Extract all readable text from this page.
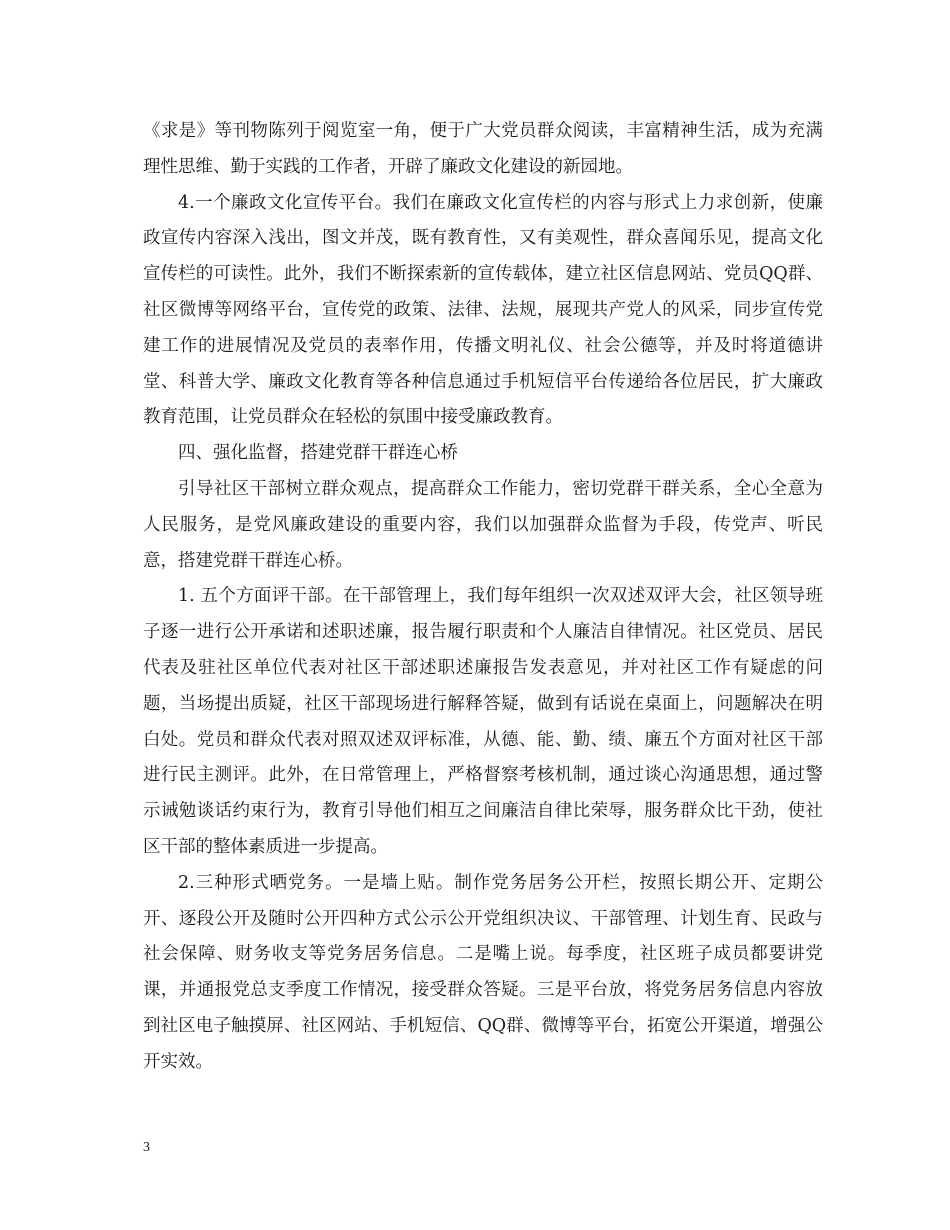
《求是》等刊物陈列于阅览室一角，便于广大党员群众阅读，丰富精神生活，成为充满理性思维、勤于实践的工作者，开辟了廉政文化建设的新园地。

4.一个廉政文化宣传平台。我们在廉政文化宣传栏的内容与形式上力求创新，使廉政宣传内容深入浅出，图文并茂，既有教育性，又有美观性，群众喜闻乐见，提高文化宣传栏的可读性。此外，我们不断探索新的宣传载体，建立社区信息网站、党员QQ群、社区微博等网络平台，宣传党的政策、法律、法规，展现共产党人的风采，同步宣传党建工作的进展情况及党员的表率作用，传播文明礼仪、社会公德等，并及时将道德讲堂、科普大学、廉政文化教育等各种信息通过手机短信平台传递给各位居民，扩大廉政教育范围，让党员群众在轻松的氛围中接受廉政教育。

四、强化监督，搭建党群干群连心桥

引导社区干部树立群众观点，提高群众工作能力，密切党群干群关系，全心全意为人民服务，是党风廉政建设的重要内容，我们以加强群众监督为手段，传党声、听民意，搭建党群干群连心桥。

1. 五个方面评干部。在干部管理上，我们每年组织一次双述双评大会，社区领导班子逐一进行公开承诺和述职述廉，报告履行职责和个人廉洁自律情况。社区党员、居民代表及驻社区单位代表对社区干部述职述廉报告发表意见，并对社区工作有疑虑的问题，当场提出质疑，社区干部现场进行解释答疑，做到有话说在桌面上，问题解决在明白处。党员和群众代表对照双述双评标准，从德、能、勤、绩、廉五个方面对社区干部进行民主测评。此外，在日常管理上，严格督察考核机制，通过谈心沟通思想，通过警示诫勉谈话约束行为，教育引导他们相互之间廉洁自律比荣辱，服务群众比干劲，使社区干部的整体素质进一步提高。

2.三种形式晒党务。一是墙上贴。制作党务居务公开栏，按照长期公开、定期公开、逐段公开及随时公开四种方式公示公开党组织决议、干部管理、计划生育、民政与社会保障、财务收支等党务居务信息。二是嘴上说。每季度，社区班子成员都要讲党课，并通报党总支季度工作情况，接受群众答疑。三是平台放，将党务居务信息内容放到社区电子触摸屏、社区网站、手机短信、QQ群、微博等平台，拓宽公开渠道，增强公开实效。

3
